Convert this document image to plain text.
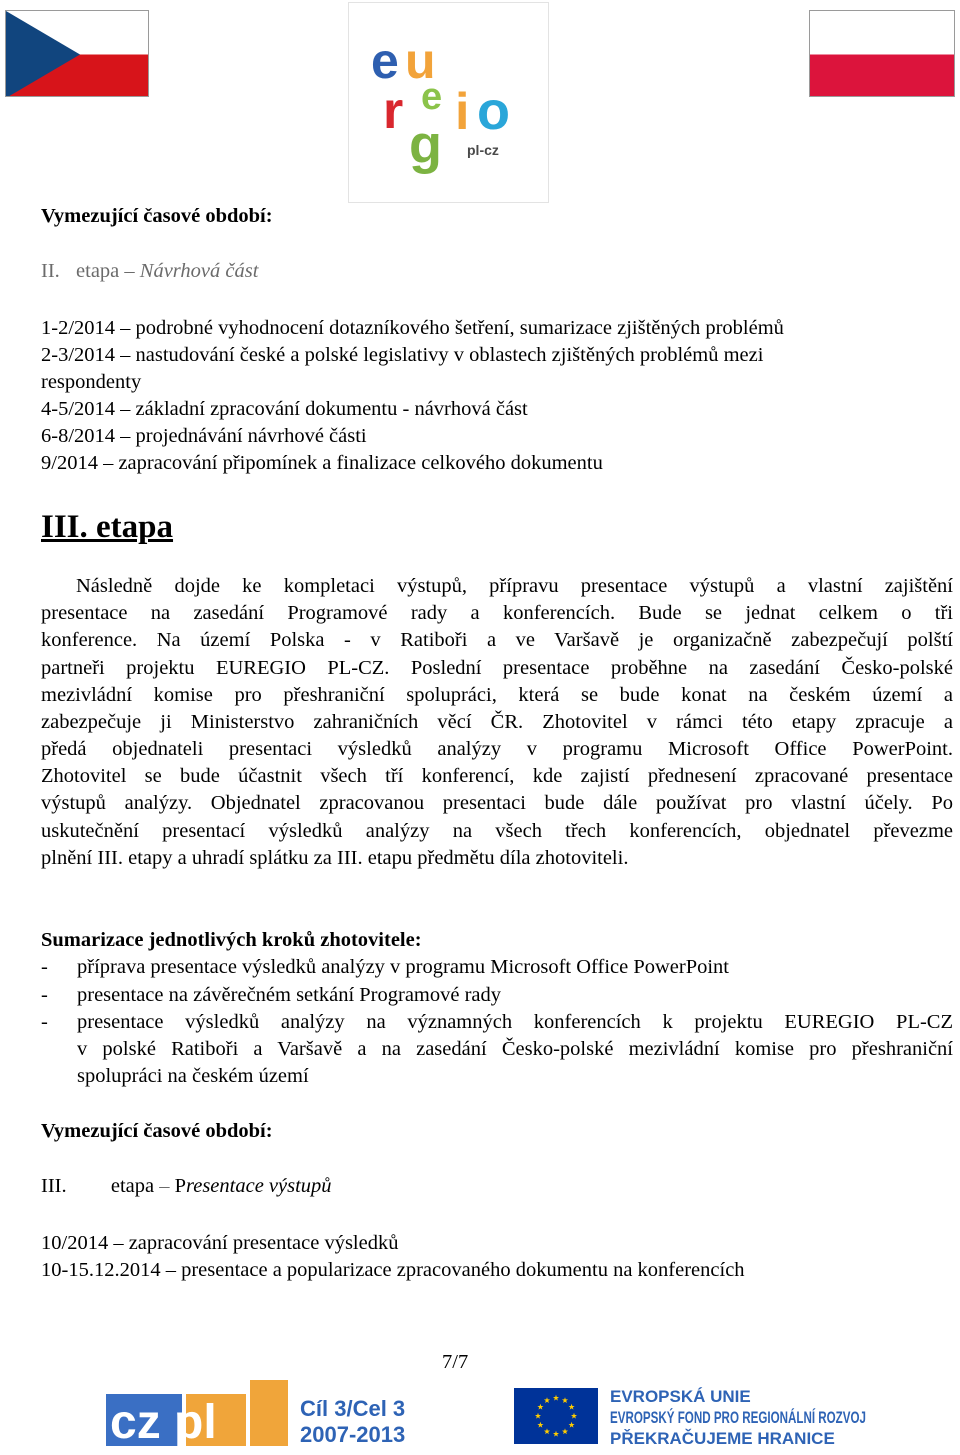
e u
r e
g
i o
pl-cz
Vymezující časové období:
II. etapa – Návrhová část
1-2/2014 – podrobné vyhodnocení dotazníkového šetření, sumarizace zjištěných problémů
2-3/2014 – nastudování české a polské legislativy v oblastech zjištěných problémů mezi
respondenty
4-5/2014 – základní zpracování dokumentu - návrhová část
6-8/2014 – projednávání návrhové části
9/2014 – zapracování připomínek a finalizace celkového dokumentu
III. etapa
Následně dojde ke kompletaci výstupů, přípravu presentace výstupů a vlastní zajištění
presentace na zasedání Programové rady a konferencích. Bude se jednat celkem o tři
konference. Na území Polska - v Ratiboři a ve Varšavě je organizačně zabezpečují polští
partneři projektu EUREGIO PL-CZ. Poslední presentace proběhne na zasedání Česko-polské
mezivládní komise pro přeshraniční spolupráci, která se bude konat na českém území a
zabezpečuje ji Ministerstvo zahraničních věcí ČR. Zhotovitel v rámci této etapy zpracuje a
předá objednateli presentaci výsledků analýzy v programu Microsoft Office PowerPoint.
Zhotovitel se bude účastnit všech tří konferencí, kde zajistí přednesení zpracované presentace
výstupů analýzy. Objednatel zpracovanou presentaci bude dále používat pro vlastní účely. Po
uskutečnění presentací výsledků analýzy na všech třech konferencích, objednatel převezme
plnění III. etapy a uhradí splátku za III. etapu předmětu díla zhotoviteli.
Sumarizace jednotlivých kroků zhotovitele:
- příprava presentace výsledků analýzy v programu Microsoft Office PowerPoint
- presentace na závěrečném setkání Programové rady
- presentace výsledků analýzy na významných konferencích k projektu EUREGIO PL-CZ
v polské Ratiboři a Varšavě a na zasedání Česko-polské mezivládní komise pro přeshraniční
spolupráci na českém území
Vymezující časové období:
III. etapa – Presentace výstupů
10/2014 – zapracování presentace výsledků
10-15.12.2014 – presentace a popularizace zpracovaného dokumentu na konferencích
7/7
cz pl	Cíl 3/Cel 3
2007-2013
EVROPSKÁ UNIE
EVROPSKÝ FOND PRO REGIONÁLNÍ ROZVOJ
PŘEKRAČUJEME HRANICE
